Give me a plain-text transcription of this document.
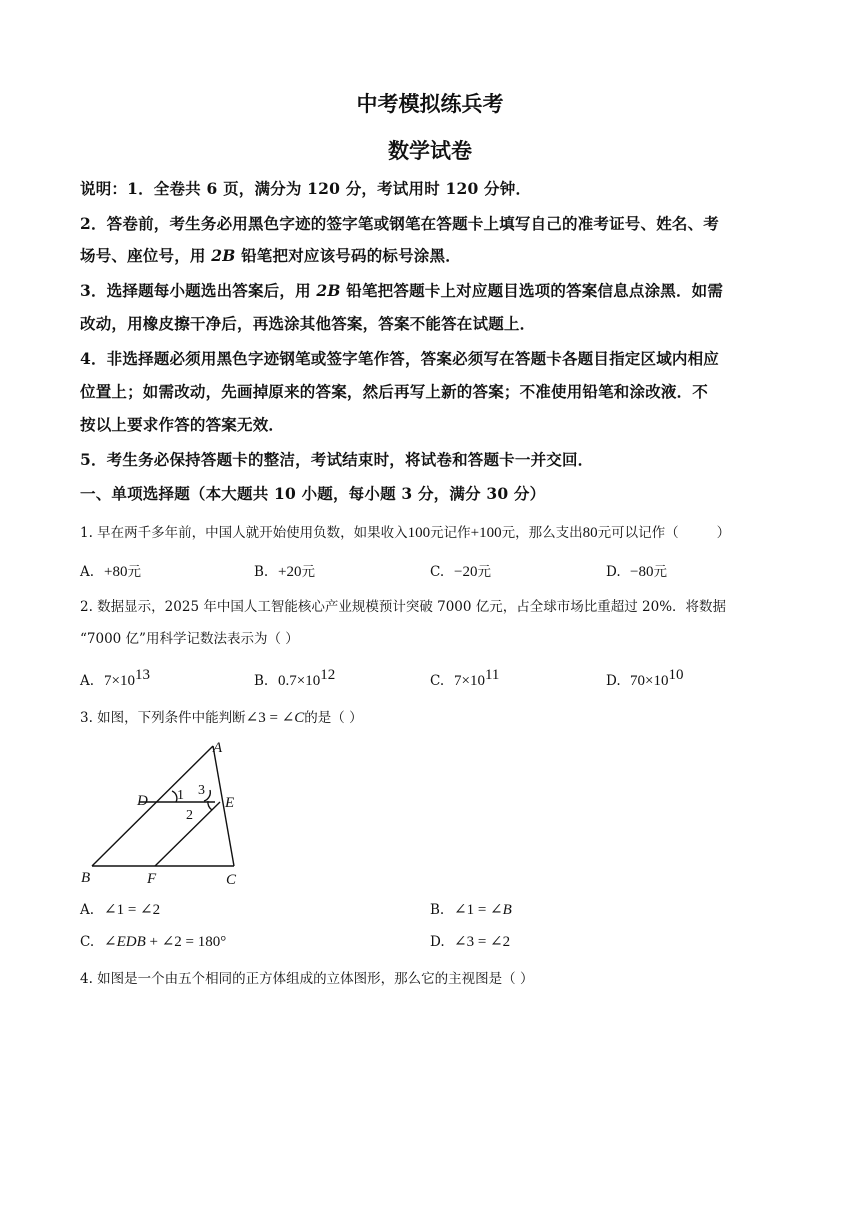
中考模拟练兵考
数学试卷
说明：1．全卷共 6 页，满分为 120 分，考试用时 120 分钟．
2．答卷前，考生务必用黑色字迹的签字笔或钢笔在答题卡上填写自己的准考证号、姓名、考
场号、座位号，用 2B 铅笔把对应该号码的标号涂黑．
3．选择题每小题选出答案后，用 2B 铅笔把答题卡上对应题目选项的答案信息点涂黑．如需
改动，用橡皮擦干净后，再选涂其他答案，答案不能答在试题上．
4．非选择题必须用黑色字迹钢笔或签字笔作答，答案必须写在答题卡各题目指定区域内相应
位置上；如需改动，先画掉原来的答案，然后再写上新的答案；不准使用铅笔和涂改液．不
按以上要求作答的答案无效．
5．考生务必保持答题卡的整洁，考试结束时，将试卷和答题卡一并交回．
一、单项选择题（本大题共 10 小题，每小题 3 分，满分 30 分）
1. 早在两千多年前，中国人就开始使用负数，如果收入100元记作+100元，那么支出80元可以记作（	）
A. +80元	B. +20元	C. −20元	D. −80元
2. 数据显示，2025 年中国人工智能核心产业规模预计突破 7000 亿元，占全球市场比重超过 20%．将数据
“7000 亿”用科学记数法表示为（ ）
A. $7\times 10^{13}$	B. $0.7\times 10^{12}$	C. $7\times 10^{11}$	D. $70\times 10^{10}$
3. 如图，下列条件中能判断∠3 = ∠C的是（ ）
A
B	C
D	E
F
1 3
2
A. ∠1 = ∠2	B. ∠1 = ∠B
C. ∠EDB + ∠2 = 180°	D. ∠3 = ∠2
4. 如图是一个由五个相同的正方体组成的立体图形，那么它的主视图是（ ）
